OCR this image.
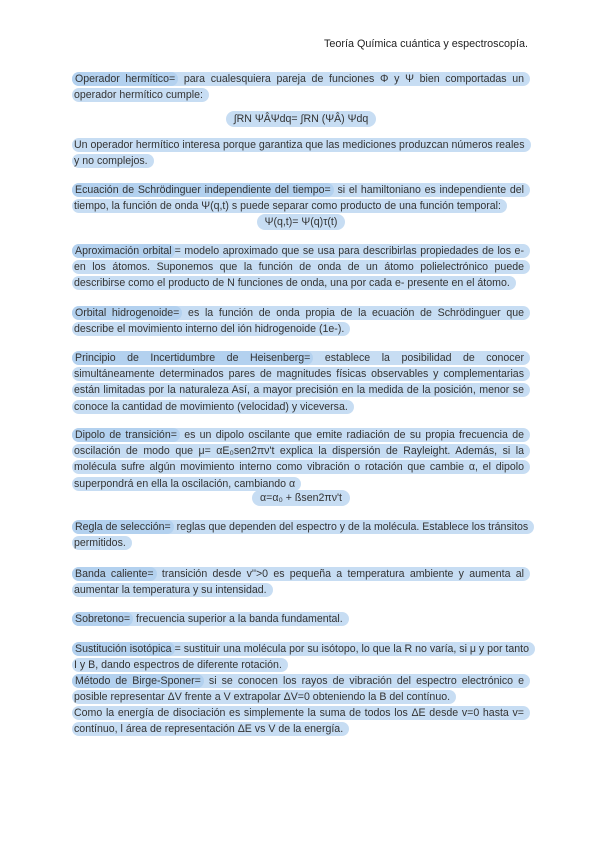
Teoría Química cuántica y espectroscopía.
Operador hermítico= para cualesquiera pareja de funciones Φ y Ψ bien comportadas un operador hermítico cumple:
∫RN ΨÂΨdq= ∫RN (ΨÂ) Ψdq
Un operador hermítico interesa porque garantiza que las mediciones produzcan números reales y no complejos.
Ecuación de Schrödinguer independiente del tiempo= si el hamiltoniano es independiente del tiempo, la función de onda Ψ(q,t) s puede separar como producto de una función temporal:
Ψ(q,t)= Ψ(q)τ(t)
Aproximación orbital = modelo aproximado que se usa para describirlas propiedades de los e- en los átomos. Suponemos que la función de onda de un átomo polielectrónico puede describirse como el producto de N funciones de onda, una por cada e- presente en el átomo.
Orbital hidrogenoide= es la función de onda propia de la ecuación de Schrödinguer que describe el movimiento interno del ión hidrogenoide (1e-).
Principio de Incertidumbre de Heisenberg= establece la posibilidad de conocer simultáneamente determinados pares de magnitudes físicas observables y complementarias están limitadas por la naturaleza Así, a mayor precisión en la medida de la posición, menor se conoce la cantidad de movimiento (velocidad) y viceversa.
Dipolo de transición= es un dipolo oscilante que emite radiación de su propia frecuencia de oscilación de modo que μ= αE₀sen2πν't explica la dispersión de Rayleight. Además, si la molécula sufre algún movimiento interno como vibración o rotación que cambie α, el dipolo superpondrá en ella la oscilación, cambiando α
α=α₀ + ßsen2πν't
Regla de selección= reglas que dependen del espectro y de la molécula. Establece los tránsitos permitidos.
Banda caliente= transición desde v''>0 es pequeña a temperatura ambiente y aumenta al aumentar la temperatura y su intensidad.
Sobretono= frecuencia superior a la banda fundamental.
Sustitución isotópica = sustituir una molécula por su isótopo, lo que la R no varía, si μ y por tanto I y B, dando espectros de diferente rotación.
Método de Birge-Sponer= si se conocen los rayos de vibración del espectro electrónico e posible representar ΔV frente a V extrapolar ΔV=0 obteniendo la B del contínuo.
Como la energía de disociación es simplemente la suma de todos los ΔE desde v=0 hasta v= contínuo, l área de representación ΔE vs V de la energía.
